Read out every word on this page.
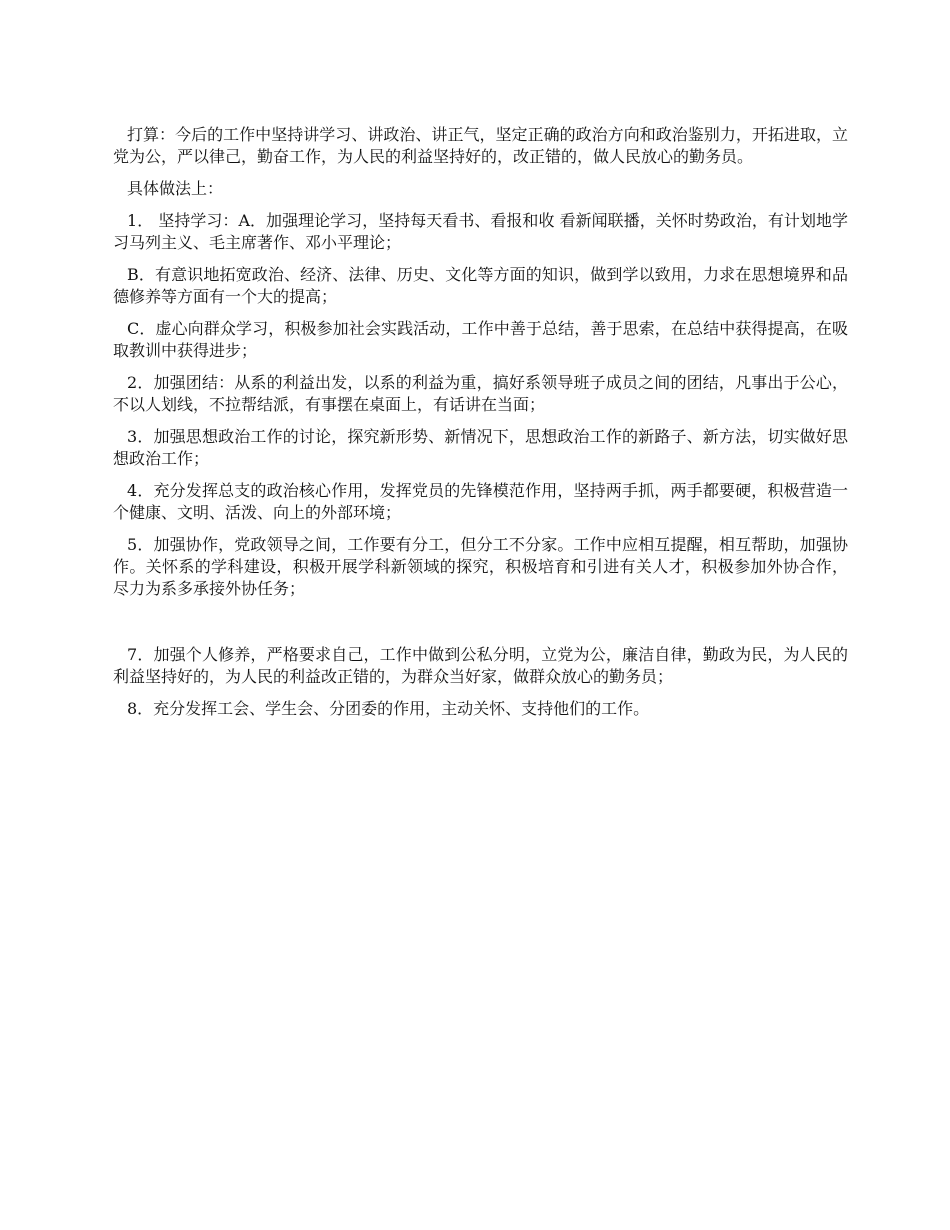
打算：今后的工作中坚持讲学习、讲政治、讲正气，坚定正确的政治方向和政治鉴别力，开拓进取，立党为公，严以律己，勤奋工作，为人民的利益坚持好的，改正错的，做人民放心的勤务员。

具体做法上：

1． 坚持学习：A．加强理论学习，坚持每天看书、看报和收 看新闻联播，关怀时势政治，有计划地学习马列主义、毛主席著作、邓小平理论；

B．有意识地拓宽政治、经济、法律、历史、文化等方面的知识，做到学以致用，力求在思想境界和品德修养等方面有一个大的提高；

C．虚心向群众学习，积极参加社会实践活动，工作中善于总结，善于思索，在总结中获得提高，在吸取教训中获得进步；

2．加强团结：从系的利益出发，以系的利益为重，搞好系领导班子成员之间的团结，凡事出于公心，不以人划线，不拉帮结派，有事摆在桌面上，有话讲在当面；

3．加强思想政治工作的讨论，探究新形势、新情况下，思想政治工作的新路子、新方法，切实做好思想政治工作；

4．充分发挥总支的政治核心作用，发挥党员的先锋模范作用，坚持两手抓，两手都要硬，积极营造一个健康、文明、活泼、向上的外部环境；

5．加强协作，党政领导之间，工作要有分工，但分工不分家。工作中应相互提醒，相互帮助，加强协作。关怀系的学科建设，积极开展学科新领域的探究，积极培育和引进有关人才，积极参加外协合作，尽力为系多承接外协任务；

7．加强个人修养，严格要求自己，工作中做到公私分明，立党为公，廉洁自律，勤政为民，为人民的利益坚持好的，为人民的利益改正错的，为群众当好家，做群众放心的勤务员；

8．充分发挥工会、学生会、分团委的作用，主动关怀、支持他们的工作。
